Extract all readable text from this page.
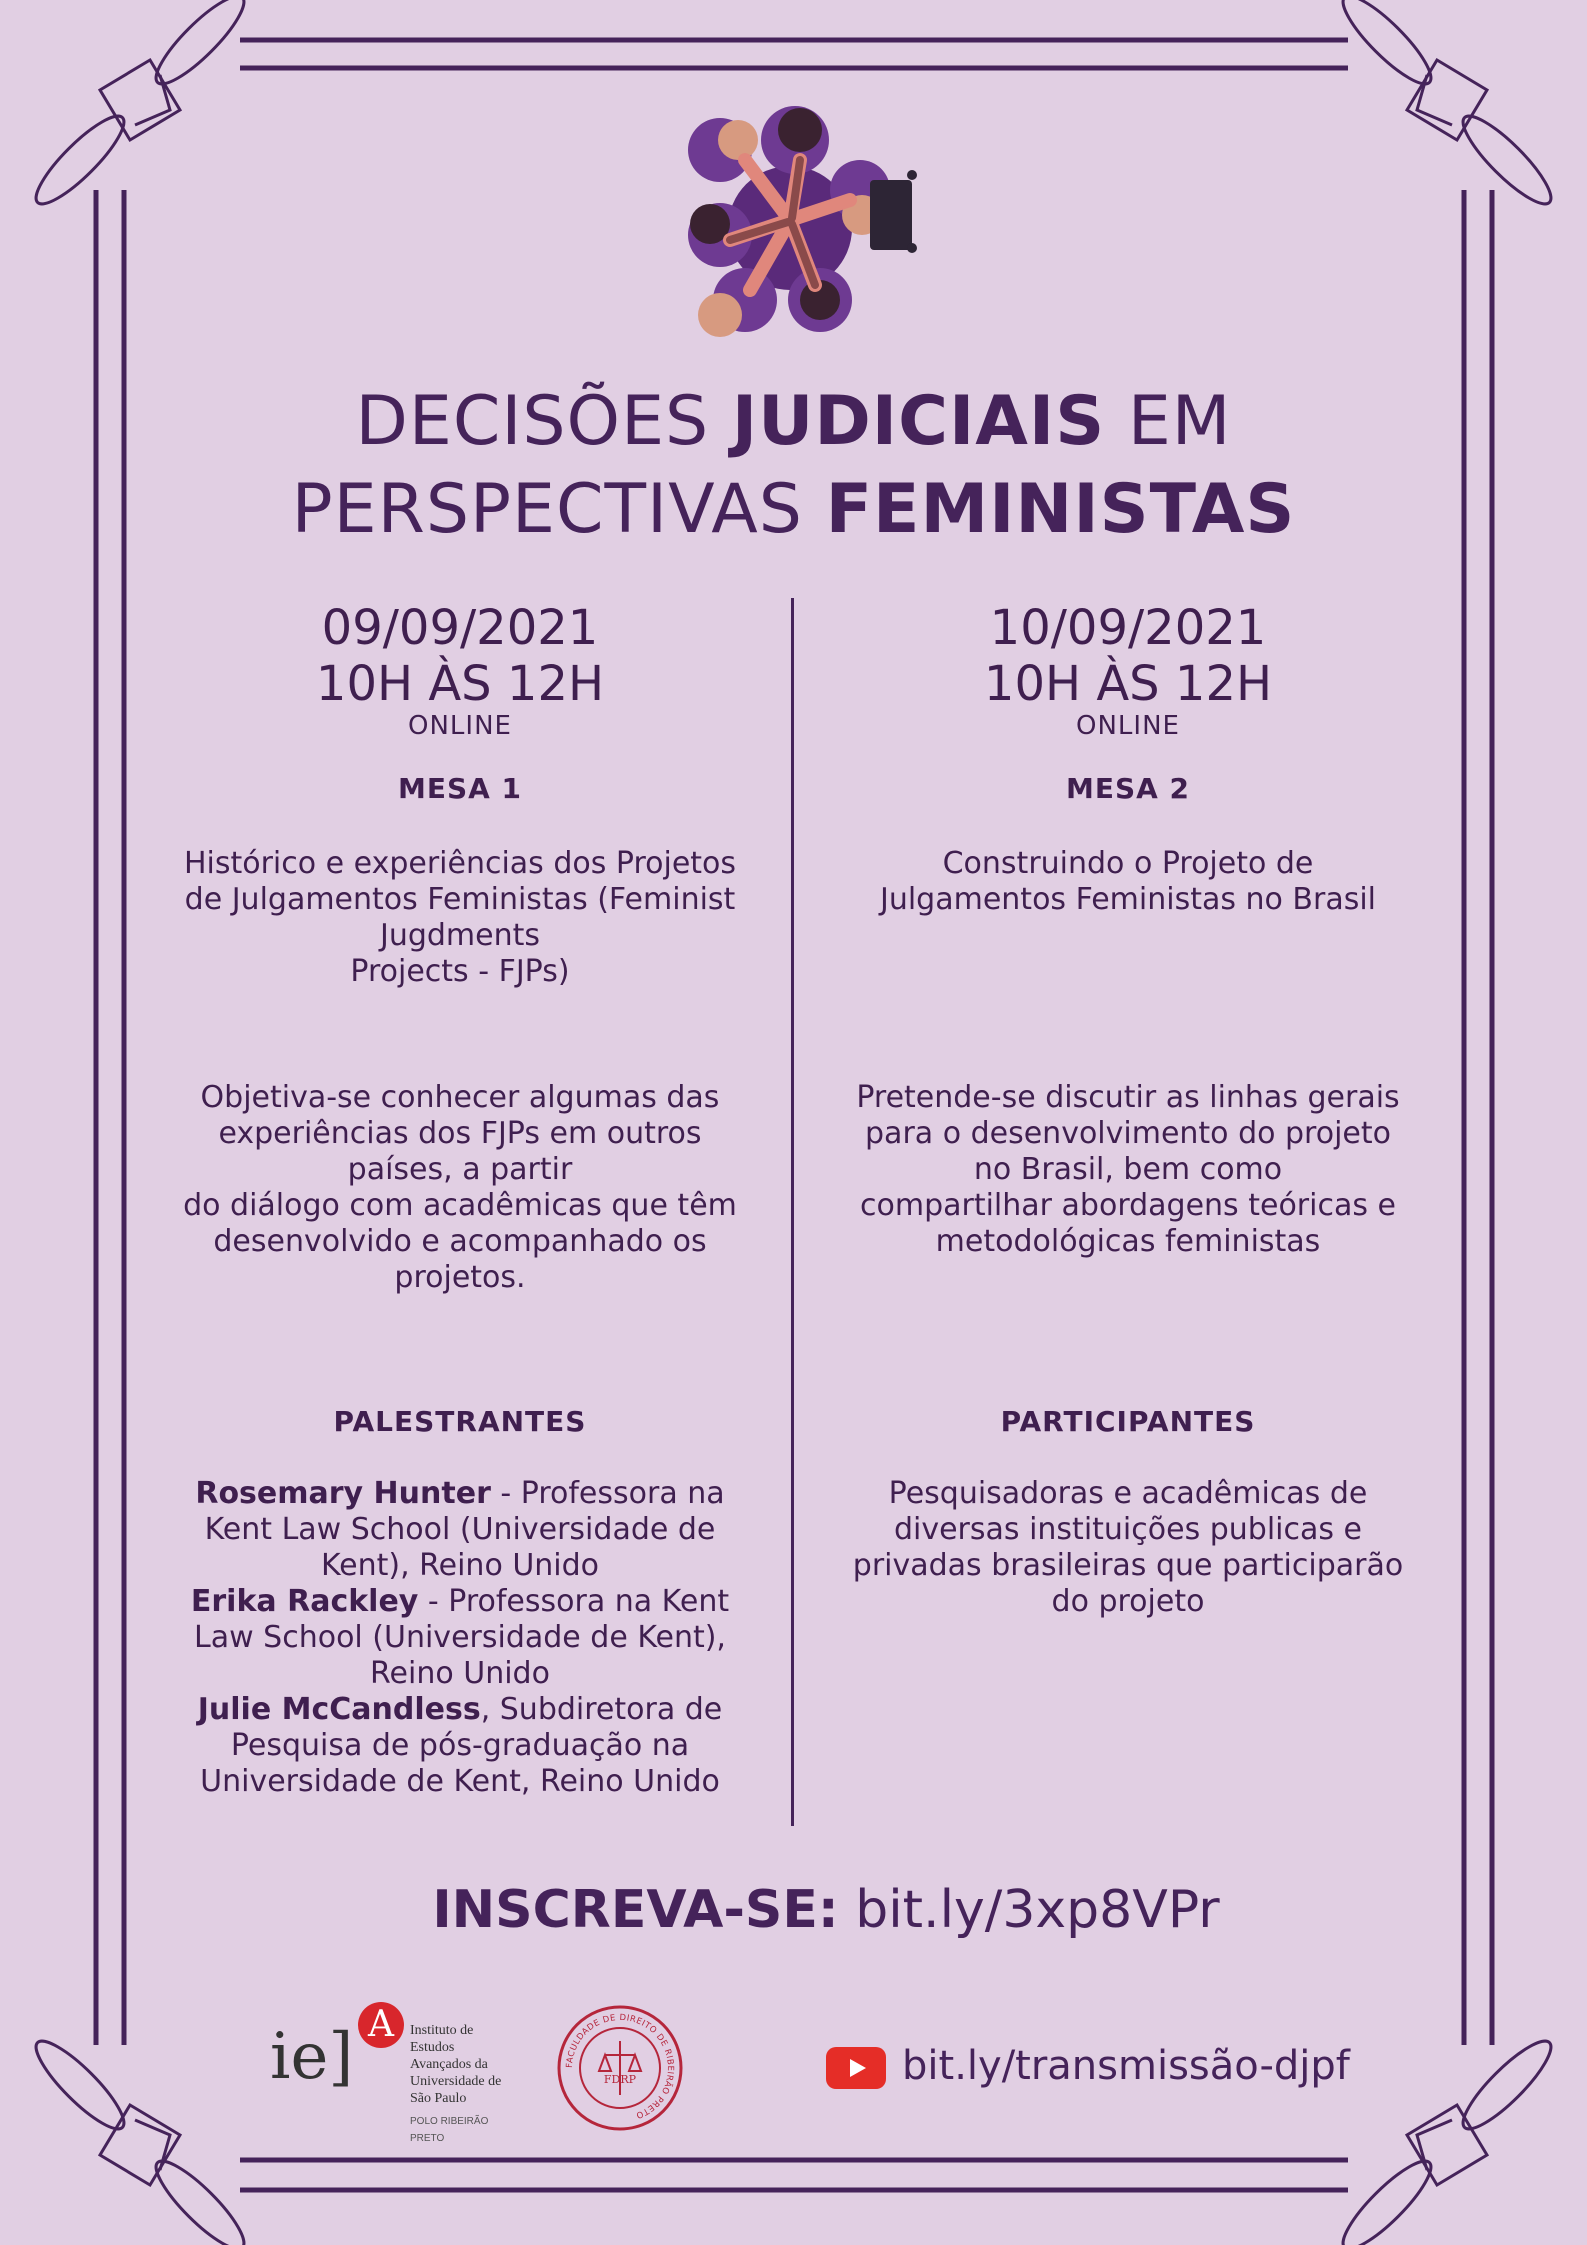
DECISÕES JUDICIAIS EM
PERSPECTIVAS FEMINISTAS
09/09/2021
10H ÀS 12H
ONLINE
MESA 1
Histórico e experiências dos Projetos
de Julgamentos Feministas (Feminist
Jugdments
Projects - FJPs)
Objetiva-se conhecer algumas das
experiências dos FJPs em outros
países, a partir
do diálogo com acadêmicas que têm
desenvolvido e acompanhado os
projetos.
PALESTRANTES
Rosemary Hunter - Professora na
Kent Law School (Universidade de
Kent), Reino Unido
Erika Rackley - Professora na Kent
Law School (Universidade de Kent),
Reino Unido
Julie McCandless, Subdiretora de
Pesquisa de pós-graduação na
Universidade de Kent, Reino Unido
10/09/2021
10H ÀS 12H
ONLINE
MESA 2
Construindo o Projeto de
Julgamentos Feministas no Brasil
Pretende-se discutir as linhas gerais
para o desenvolvimento do projeto
no Brasil, bem como
compartilhar abordagens teóricas e
metodológicas feministas
PARTICIPANTES
Pesquisadoras e acadêmicas de
diversas instituições publicas e
privadas brasileiras que participarão
do projeto
INSCREVA-SE: bit.ly/3xp8VPr
ie] A	Instituto de
Estudos
Avançados da
Universidade de
São Paulo
POLO RIBEIRÃO PRETO
FACULDADE DE DIREITO DE RIBEIRÃO PRETO
FDRP	bit.ly/transmissão-djpf
